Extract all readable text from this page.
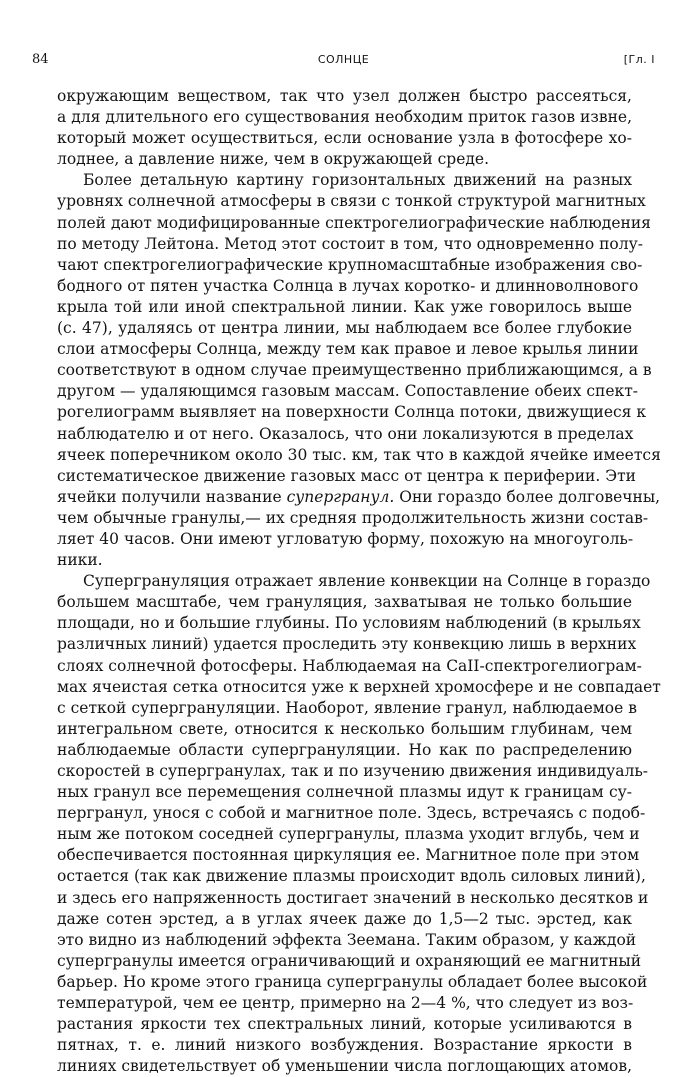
84	СОЛНЦЕ	[Гл. I
окружающим веществом, так что узел должен быстро рассеяться,
а для длительного его существования необходим приток газов извне,
который может осуществиться, если основание узла в фотосфере хо-
лоднее, а давление ниже, чем в окружающей среде.
Более детальную картину горизонтальных движений на разных
уровнях солнечной атмосферы в связи с тонкой структурой магнитных
полей дают модифицированные спектрогелиографические наблюдения
по методу Лейтона. Метод этот состоит в том, что одновременно полу-
чают спектрогелиографические крупномасштабные изображения сво-
бодного от пятен участка Солнца в лучах коротко- и длинноволнового
крыла той или иной спектральной линии. Как уже говорилось выше
(с. 47), удаляясь от центра линии, мы наблюдаем все более глубокие
слои атмосферы Солнца, между тем как правое и левое крылья линии
соответствуют в одном случае преимущественно приближающимся, а в
другом — удаляющимся газовым массам. Сопоставление обеих спект-
рогелиограмм выявляет на поверхности Солнца потоки, движущиеся к
наблюдателю и от него. Оказалось, что они локализуются в пределах
ячеек поперечником около 30 тыс. км, так что в каждой ячейке имеется
систематическое движение газовых масс от центра к периферии. Эти
ячейки получили название супергранул. Они гораздо более долговечны,
чем обычные гранулы,— их средняя продолжительность жизни состав-
ляет 40 часов. Они имеют угловатую форму, похожую на многоуголь-
ники.
Супергрануляция отражает явление конвекции на Солнце в гораздо
большем масштабе, чем грануляция, захватывая не только большие
площади, но и большие глубины. По условиям наблюдений (в крыльях
различных линий) удается проследить эту конвекцию лишь в верхних
слоях солнечной фотосферы. Наблюдаемая на CaII-спектрогелиограм-
мах ячеистая сетка относится уже к верхней хромосфере и не совпадает
с сеткой супергрануляции. Наоборот, явление гранул, наблюдаемое в
интегральном свете, относится к несколько большим глубинам, чем
наблюдаемые области супергрануляции. Но как по распределению
скоростей в супергранулах, так и по изучению движения индивидуаль-
ных гранул все перемещения солнечной плазмы идут к границам су-
пергранул, унося с собой и магнитное поле. Здесь, встречаясь с подоб-
ным же потоком соседней супергранулы, плазма уходит вглубь, чем и
обеспечивается постоянная циркуляция ее. Магнитное поле при этом
остается (так как движение плазмы происходит вдоль силовых линий),
и здесь его напряженность достигает значений в несколько десятков и
даже сотен эрстед, а в углах ячеек даже до 1,5—2 тыс. эрстед, как
это видно из наблюдений эффекта Зеемана. Таким образом, у каждой
супергранулы имеется ограничивающий и охраняющий ее магнитный
барьер. Но кроме этого граница супергранулы обладает более высокой
температурой, чем ее центр, примерно на 2—4 %, что следует из воз-
растания яркости тех спектральных линий, которые усиливаются в
пятнах, т. е. линий низкого возбуждения. Возрастание яркости в
линиях свидетельствует об уменьшении числа поглощающих атомов,
